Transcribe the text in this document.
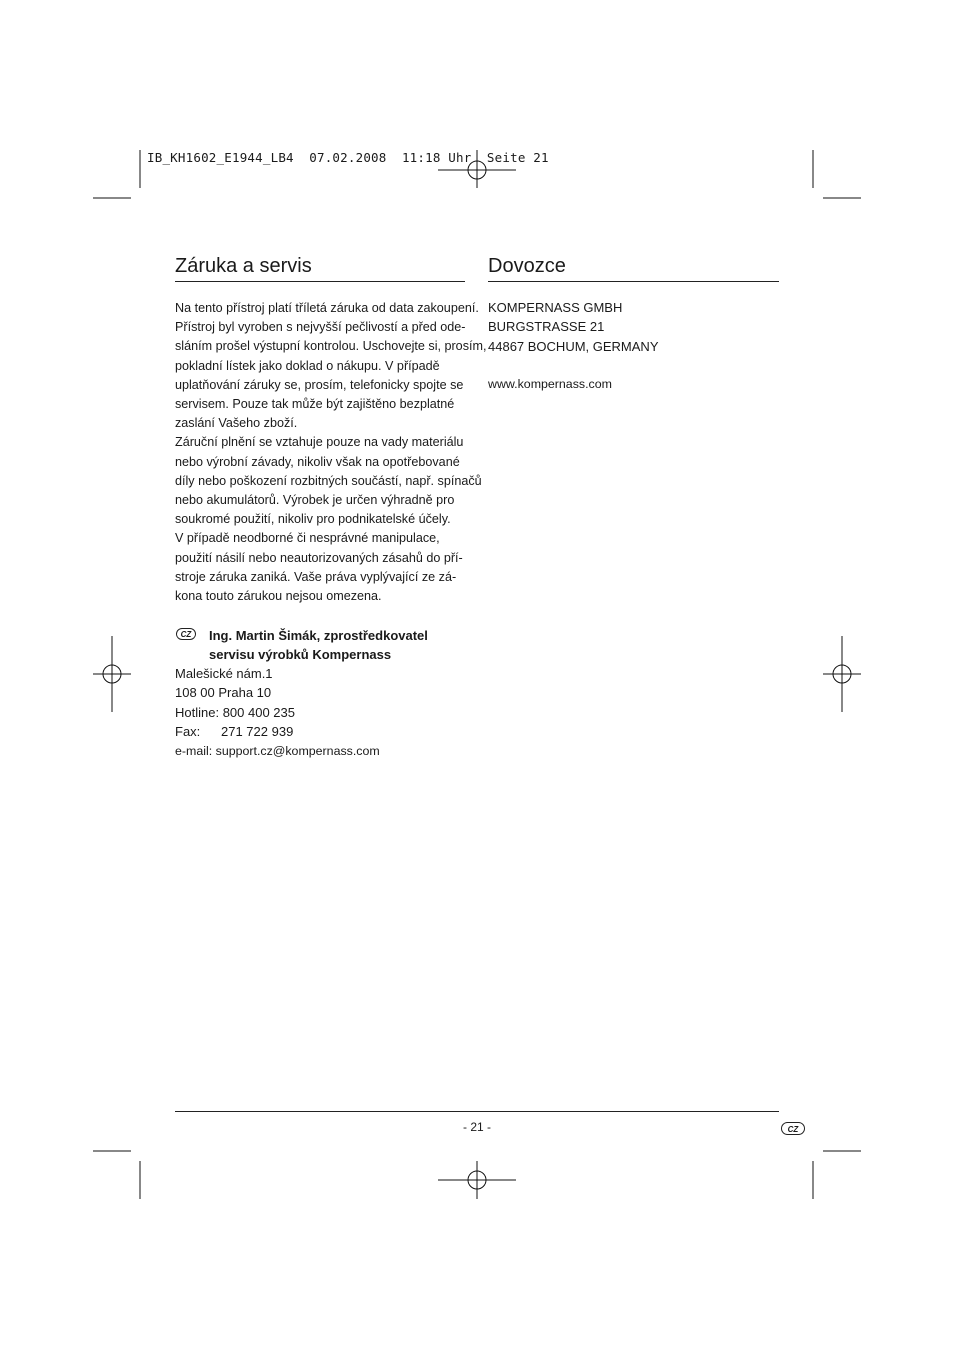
IB_KH1602_E1944_LB4  07.02.2008  11:18 Uhr  Seite 21
Záruka a servis
Na tento přístroj platí tříletá záruka od data zakoupení.
Přístroj byl vyroben s nejvyšší pečlivostí a před ode-
sláním prošel výstupní kontrolou. Uschovejte si, prosím,
pokladní lístek jako doklad o nákupu. V případě
uplatňování záruky se, prosím, telefonicky spojte se
servisem. Pouze tak může být zajištěno bezplatné
zaslání Vašeho zboží.
Záruční plnění se vztahuje pouze na vady materiálu
nebo výrobní závady, nikoliv však na opotřebované
díly nebo poškození rozbitných součástí, např. spínačů
nebo akumulátorů. Výrobek je určen výhradně pro
soukromé použití, nikoliv pro podnikatelské účely.
V případě neodborné či nesprávné manipulace,
použití násilí nebo neautorizovaných zásahů do pří-
stroje záruka zaniká. Vaše práva vyplývající ze zá-
kona touto zárukou nejsou omezena.
CZ	Ing. Martin Šimák, zprostředkovatel
servisu výrobků Kompernass
Malešické nám.1
108 00 Praha 10
Hotline: 800 400 235
Fax: 271 722 939
e-mail: support.cz@kompernass.com
Dovozce
KOMPERNASS GMBH
BURGSTRASSE 21
44867 BOCHUM, GERMANY
www.kompernass.com
- 21 -	CZ
